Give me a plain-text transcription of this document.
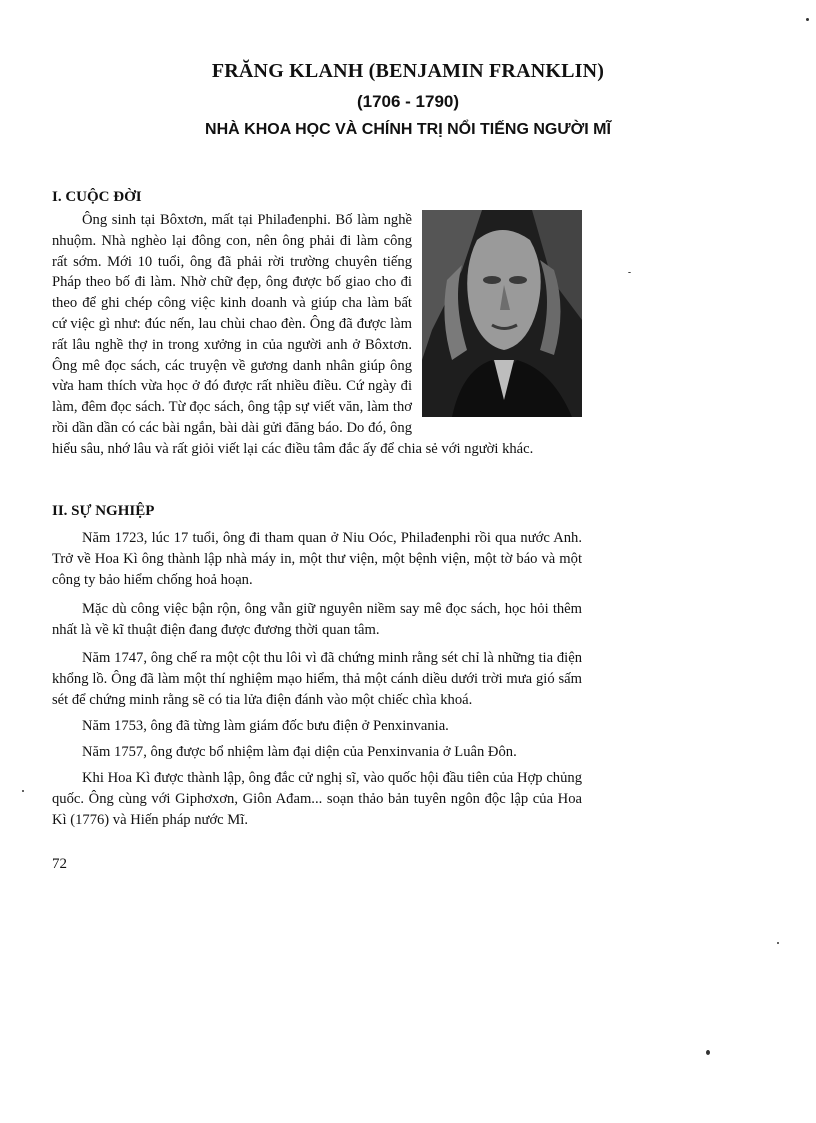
FRĂNG KLANH (BENJAMIN FRANKLIN)
(1706 - 1790)
NHÀ KHOA HỌC VÀ CHÍNH TRỊ NỔI TIẾNG NGƯỜI MĨ
I. CUỘC ĐỜI

Ông sinh tại Bôxtơn, mất tại Philađenphi. Bố làm nghề nhuộm. Nhà nghèo lại đông con, nên ông phải đi làm công rất sớm. Mới 10 tuổi, ông đã phải rời trường chuyên tiếng Pháp theo bố đi làm. Nhờ chữ đẹp, ông được bố giao cho đi theo để ghi chép công việc kinh doanh và giúp cha làm bất cứ việc gì như: đúc nến, lau chùi chao đèn. Ông đã được làm rất lâu nghề thợ in trong xưởng in của người anh ở Bôxtơn. Ông mê đọc sách, các truyện về gương danh nhân giúp ông vừa ham thích vừa học ở đó được rất nhiều điều. Cứ ngày đi làm, đêm đọc sách. Từ đọc sách, ông tập sự viết văn, làm thơ rồi dần dần có các bài ngắn, bài dài gửi đăng báo. Do đó, ông hiểu sâu, nhớ lâu và rất giỏi viết lại các điều tâm đắc ấy để chia sẻ với người khác.

II. SỰ NGHIỆP

Năm 1723, lúc 17 tuổi, ông đi tham quan ở Niu Oóc, Philađenphi rồi qua nước Anh. Trở về Hoa Kì ông thành lập nhà máy in, một thư viện, một bệnh viện, một tờ báo và một công ty bảo hiểm chống hoả hoạn.

Mặc dù công việc bận rộn, ông vẫn giữ nguyên niềm say mê đọc sách, học hỏi thêm nhất là về kĩ thuật điện đang được đương thời quan tâm.

Năm 1747, ông chế ra một cột thu lôi vì đã chứng minh rằng sét chỉ là những tia điện khổng lồ. Ông đã làm một thí nghiệm mạo hiểm, thả một cánh diều dưới trời mưa gió sấm sét để chứng minh rằng sẽ có tia lửa điện đánh vào một chiếc chìa khoá.

Năm 1753, ông đã từng làm giám đốc bưu điện ở Penxinvania.

Năm 1757, ông được bổ nhiệm làm đại diện của Penxinvania ở Luân Đôn.

Khi Hoa Kì được thành lập, ông đắc cử nghị sĩ, vào quốc hội đầu tiên của Hợp chủng quốc. Ông cùng với Giphơxơn, Giôn Ađam... soạn thảo bản tuyên ngôn độc lập của Hoa Kì (1776) và Hiến pháp nước Mĩ.

72
